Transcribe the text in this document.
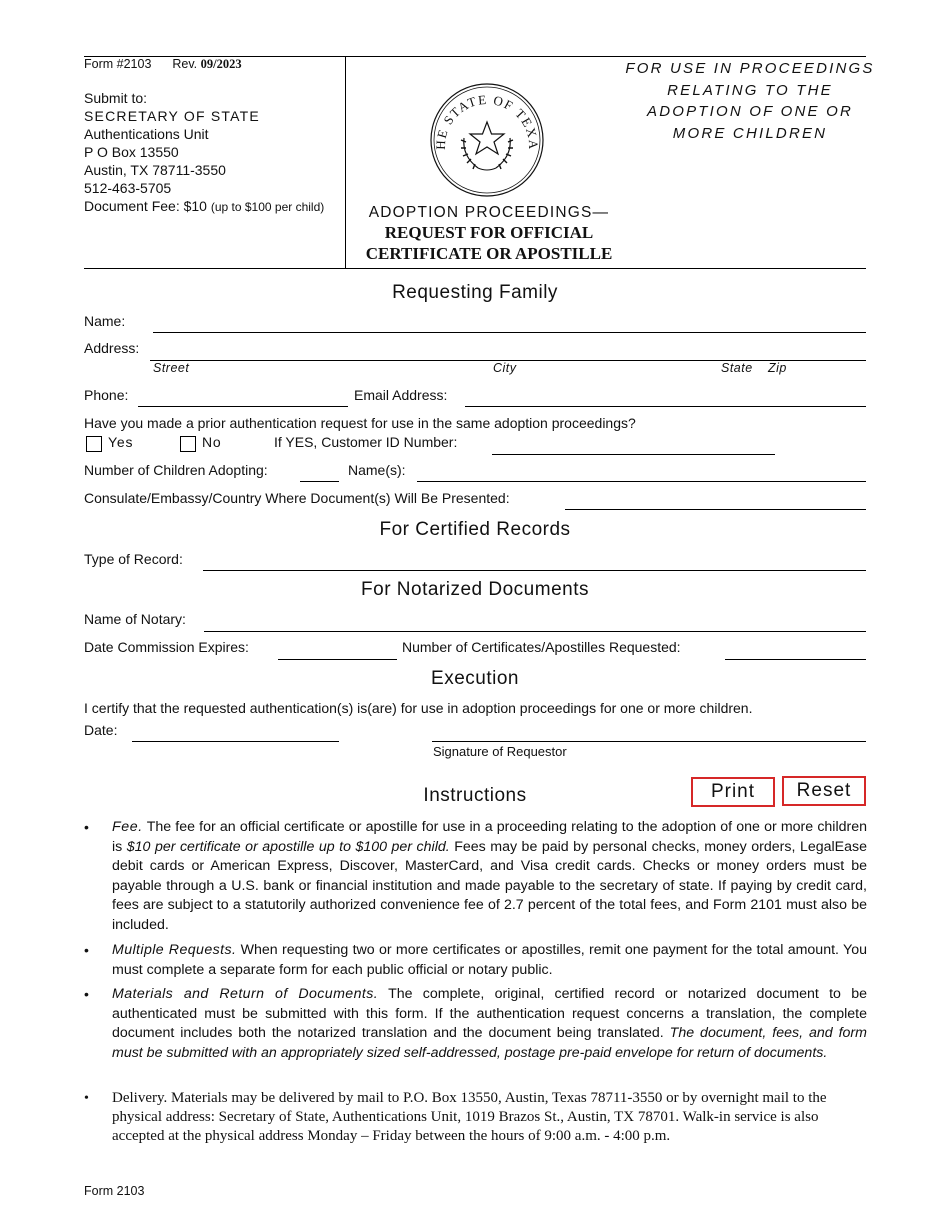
Form #2103 Rev. 09/2023
Submit to:
SECRETARY OF STATE
Authentications Unit
P O Box 13550
Austin, TX 78711-3550
512-463-5705
Document Fee: $10 (up to $100 per child)
HE STATE OF TEXA
ADOPTION PROCEEDINGS—
REQUEST FOR OFFICIAL
CERTIFICATE OR APOSTILLE
FOR USE IN PROCEEDINGS
RELATING TO THE
ADOPTION OF ONE OR
MORE CHILDREN
Requesting Family
Name:
Address:
Street	City	State Zip
Phone:	Email Address:
Have you made a prior authentication request for use in the same adoption proceedings?
Yes	No	If YES, Customer ID Number:
Number of Children Adopting:	Name(s):
Consulate/Embassy/Country Where Document(s) Will Be Presented:
For Certified Records
Type of Record:
For Notarized Documents
Name of Notary:
Date Commission Expires:	Number of Certificates/Apostilles Requested:
Execution
I certify that the requested authentication(s) is(are) for use in adoption proceedings for one or more children.
Date:
Signature of Requestor
Print	Reset
Instructions
•	Fee. The fee for an official certificate or apostille for use in a proceeding relating to the adoption of one or more children is $10 per certificate or apostille up to $100 per child. Fees may be paid by personal checks, money orders, LegalEase debit cards or American Express, Discover, MasterCard, and Visa credit cards. Checks or money orders must be payable through a U.S. bank or financial institution and made payable to the secretary of state. If paying by credit card, fees are subject to a statutorily authorized convenience fee of 2.7 percent of the total fees, and Form 2101 must also be included.
•	Multiple Requests. When requesting two or more certificates or apostilles, remit one payment for the total amount. You must complete a separate form for each public official or notary public.
•	Materials and Return of Documents. The complete, original, certified record or notarized document to be authenticated must be submitted with this form. If the authentication request concerns a translation, the complete document includes both the notarized translation and the document being translated. The document, fees, and form must be submitted with an appropriately sized self-addressed, postage pre-paid envelope for return of documents.
•	Delivery. Materials may be delivered by mail to P.O. Box 13550, Austin, Texas 78711-3550 or by overnight mail to the physical address: Secretary of State, Authentications Unit, 1019 Brazos St., Austin, TX 78701. Walk-in service is also accepted at the physical address Monday – Friday between the hours of 9:00 a.m. - 4:00 p.m.
Form 2103
